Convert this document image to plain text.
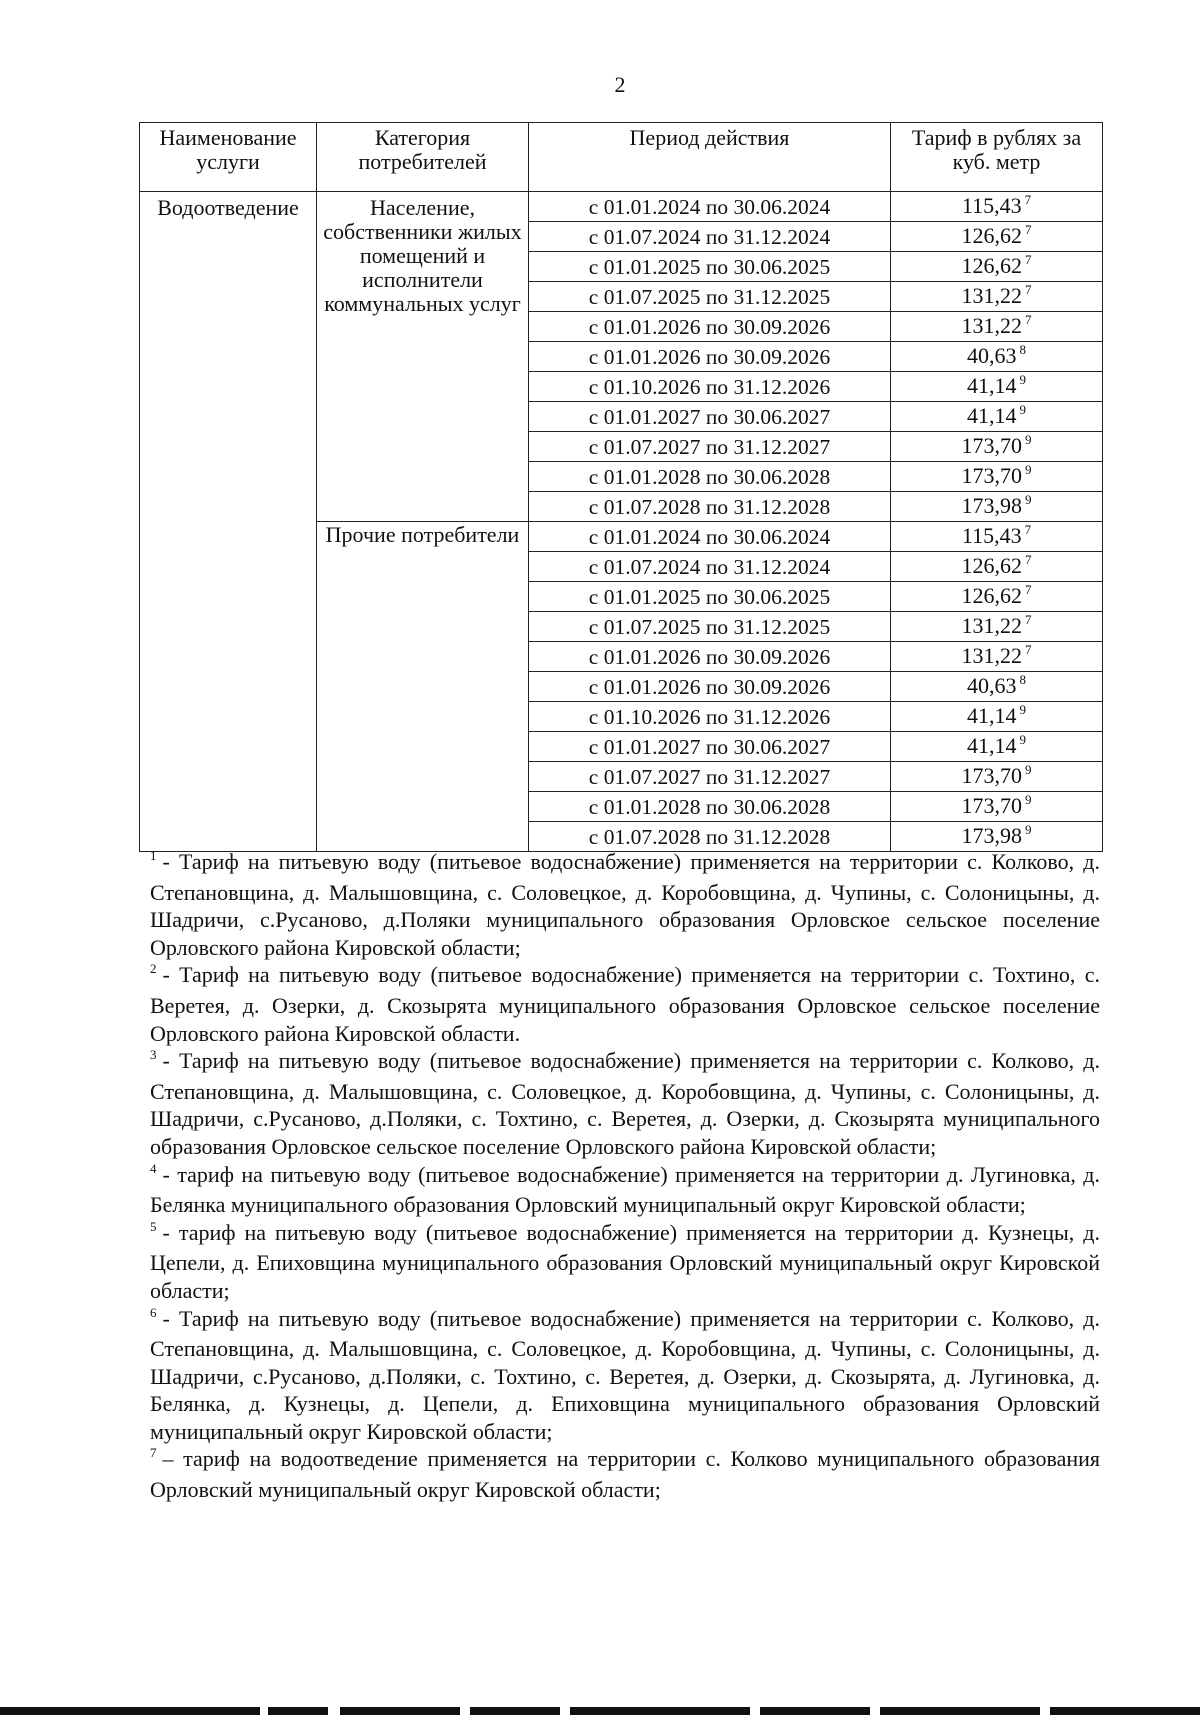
2
Наименование услуги	Категория потребителей	Период действия	Тариф в рублях за куб. метр
Водоотведение	Население, собственники жилых помещений и исполнители коммунальных услуг	с 01.01.2024 по 30.06.2024	115,43 $^7$
		с 01.07.2024 по 31.12.2024	126,62 $^7$
		с 01.01.2025 по 30.06.2025	126,62 $^7$
		с 01.07.2025 по 31.12.2025	131,22 $^7$
		с 01.01.2026 по 30.09.2026	131,22 $^7$
		с 01.01.2026 по 30.09.2026	40,63 $^8$
		с 01.10.2026 по 31.12.2026	41,14 $^9$
		с 01.01.2027 по 30.06.2027	41,14 $^9$
		с 01.07.2027 по 31.12.2027	173,70 $^9$
		с 01.01.2028 по 30.06.2028	173,70 $^9$
		с 01.07.2028 по 31.12.2028	173,98 $^9$
	Прочие потребители	с 01.01.2024 по 30.06.2024	115,43 $^7$
		с 01.07.2024 по 31.12.2024	126,62 $^7$
		с 01.01.2025 по 30.06.2025	126,62 $^7$
		с 01.07.2025 по 31.12.2025	131,22 $^7$
		с 01.01.2026 по 30.09.2026	131,22 $^7$
		с 01.01.2026 по 30.09.2026	40,63 $^8$
		с 01.10.2026 по 31.12.2026	41,14 $^9$
		с 01.01.2027 по 30.06.2027	41,14 $^9$
		с 01.07.2027 по 31.12.2027	173,70 $^9$
		с 01.01.2028 по 30.06.2028	173,70 $^9$
		с 01.07.2028 по 31.12.2028	173,98 $^9$

$^1$ - Тариф на питьевую воду (питьевое водоснабжение) применяется на территории с. Колково, д. Степановщина, д. Малышовщина, с. Соловецкое, д. Коробовщина, д. Чупины, с. Солоницыны, д. Шадричи, с.Русаново, д.Поляки муниципального образования Орловское сельское поселение Орловского района Кировской области;

$^2$ - Тариф на питьевую воду (питьевое водоснабжение) применяется на территории с. Тохтино, с. Веретея, д. Озерки, д. Скозырята муниципального образования Орловское сельское поселение Орловского района Кировской области.

$^3$ - Тариф на питьевую воду (питьевое водоснабжение) применяется на территории с. Колково, д. Степановщина, д. Малышовщина, с. Соловецкое, д. Коробовщина, д. Чупины, с. Солоницыны, д. Шадричи, с.Русаново, д.Поляки, с. Тохтино, с. Веретея, д. Озерки, д. Скозырята муниципального образования Орловское сельское поселение Орловского района Кировской области;

$^4$ - тариф на питьевую воду (питьевое водоснабжение) применяется на территории д. Лугиновка, д. Белянка муниципального образования Орловский муниципальный округ Кировской области;

$^5$ - тариф на питьевую воду (питьевое водоснабжение) применяется на территории д. Кузнецы, д. Цепели, д. Епиховщина муниципального образования Орловский муниципальный округ Кировской области;

$^6$ - Тариф на питьевую воду (питьевое водоснабжение) применяется на территории с. Колково, д. Степановщина, д. Малышовщина, с. Соловецкое, д. Коробовщина, д. Чупины, с. Солоницыны, д. Шадричи, с.Русаново, д.Поляки, с. Тохтино, с. Веретея, д. Озерки, д. Скозырята, д. Лугиновка, д. Белянка, д. Кузнецы, д. Цепели, д. Епиховщина муниципального образования Орловский муниципальный округ Кировской области;

$^7$ – тариф на водоотведение применяется на территории с. Колково муниципального образования Орловский муниципальный округ Кировской области;
